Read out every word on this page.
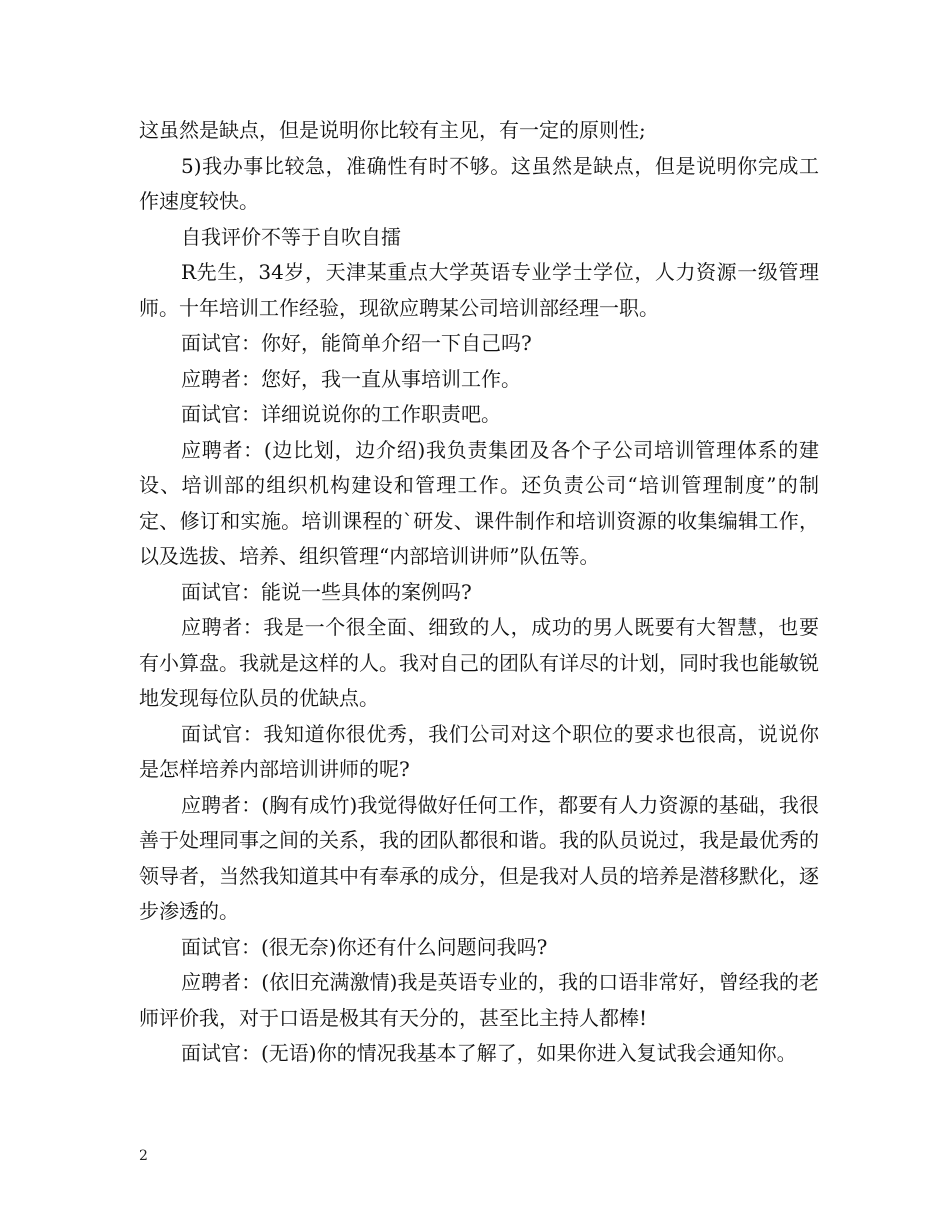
这虽然是缺点，但是说明你比较有主见，有一定的原则性;

5)我办事比较急，准确性有时不够。这虽然是缺点，但是说明你完成工作速度较快。

自我评价不等于自吹自擂

R先生，34岁，天津某重点大学英语专业学士学位，人力资源一级管理师。十年培训工作经验，现欲应聘某公司培训部经理一职。

面试官：你好，能简单介绍一下自己吗?

应聘者：您好，我一直从事培训工作。

面试官：详细说说你的工作职责吧。

应聘者：(边比划，边介绍)我负责集团及各个子公司培训管理体系的建设、培训部的组织机构建设和管理工作。还负责公司“培训管理制度”的制定、修订和实施。培训课程的`研发、课件制作和培训资源的收集编辑工作，以及选拔、培养、组织管理“内部培训讲师”队伍等。

面试官：能说一些具体的案例吗?

应聘者：我是一个很全面、细致的人，成功的男人既要有大智慧，也要有小算盘。我就是这样的人。我对自己的团队有详尽的计划，同时我也能敏锐地发现每位队员的优缺点。

面试官：我知道你很优秀，我们公司对这个职位的要求也很高，说说你是怎样培养内部培训讲师的呢?

应聘者：(胸有成竹)我觉得做好任何工作，都要有人力资源的基础，我很善于处理同事之间的关系，我的团队都很和谐。我的队员说过，我是最优秀的领导者，当然我知道其中有奉承的成分，但是我对人员的培养是潜移默化，逐步渗透的。

面试官：(很无奈)你还有什么问题问我吗?

应聘者：(依旧充满激情)我是英语专业的，我的口语非常好，曾经我的老师评价我，对于口语是极其有天分的，甚至比主持人都棒!

面试官：(无语)你的情况我基本了解了，如果你进入复试我会通知你。

2
